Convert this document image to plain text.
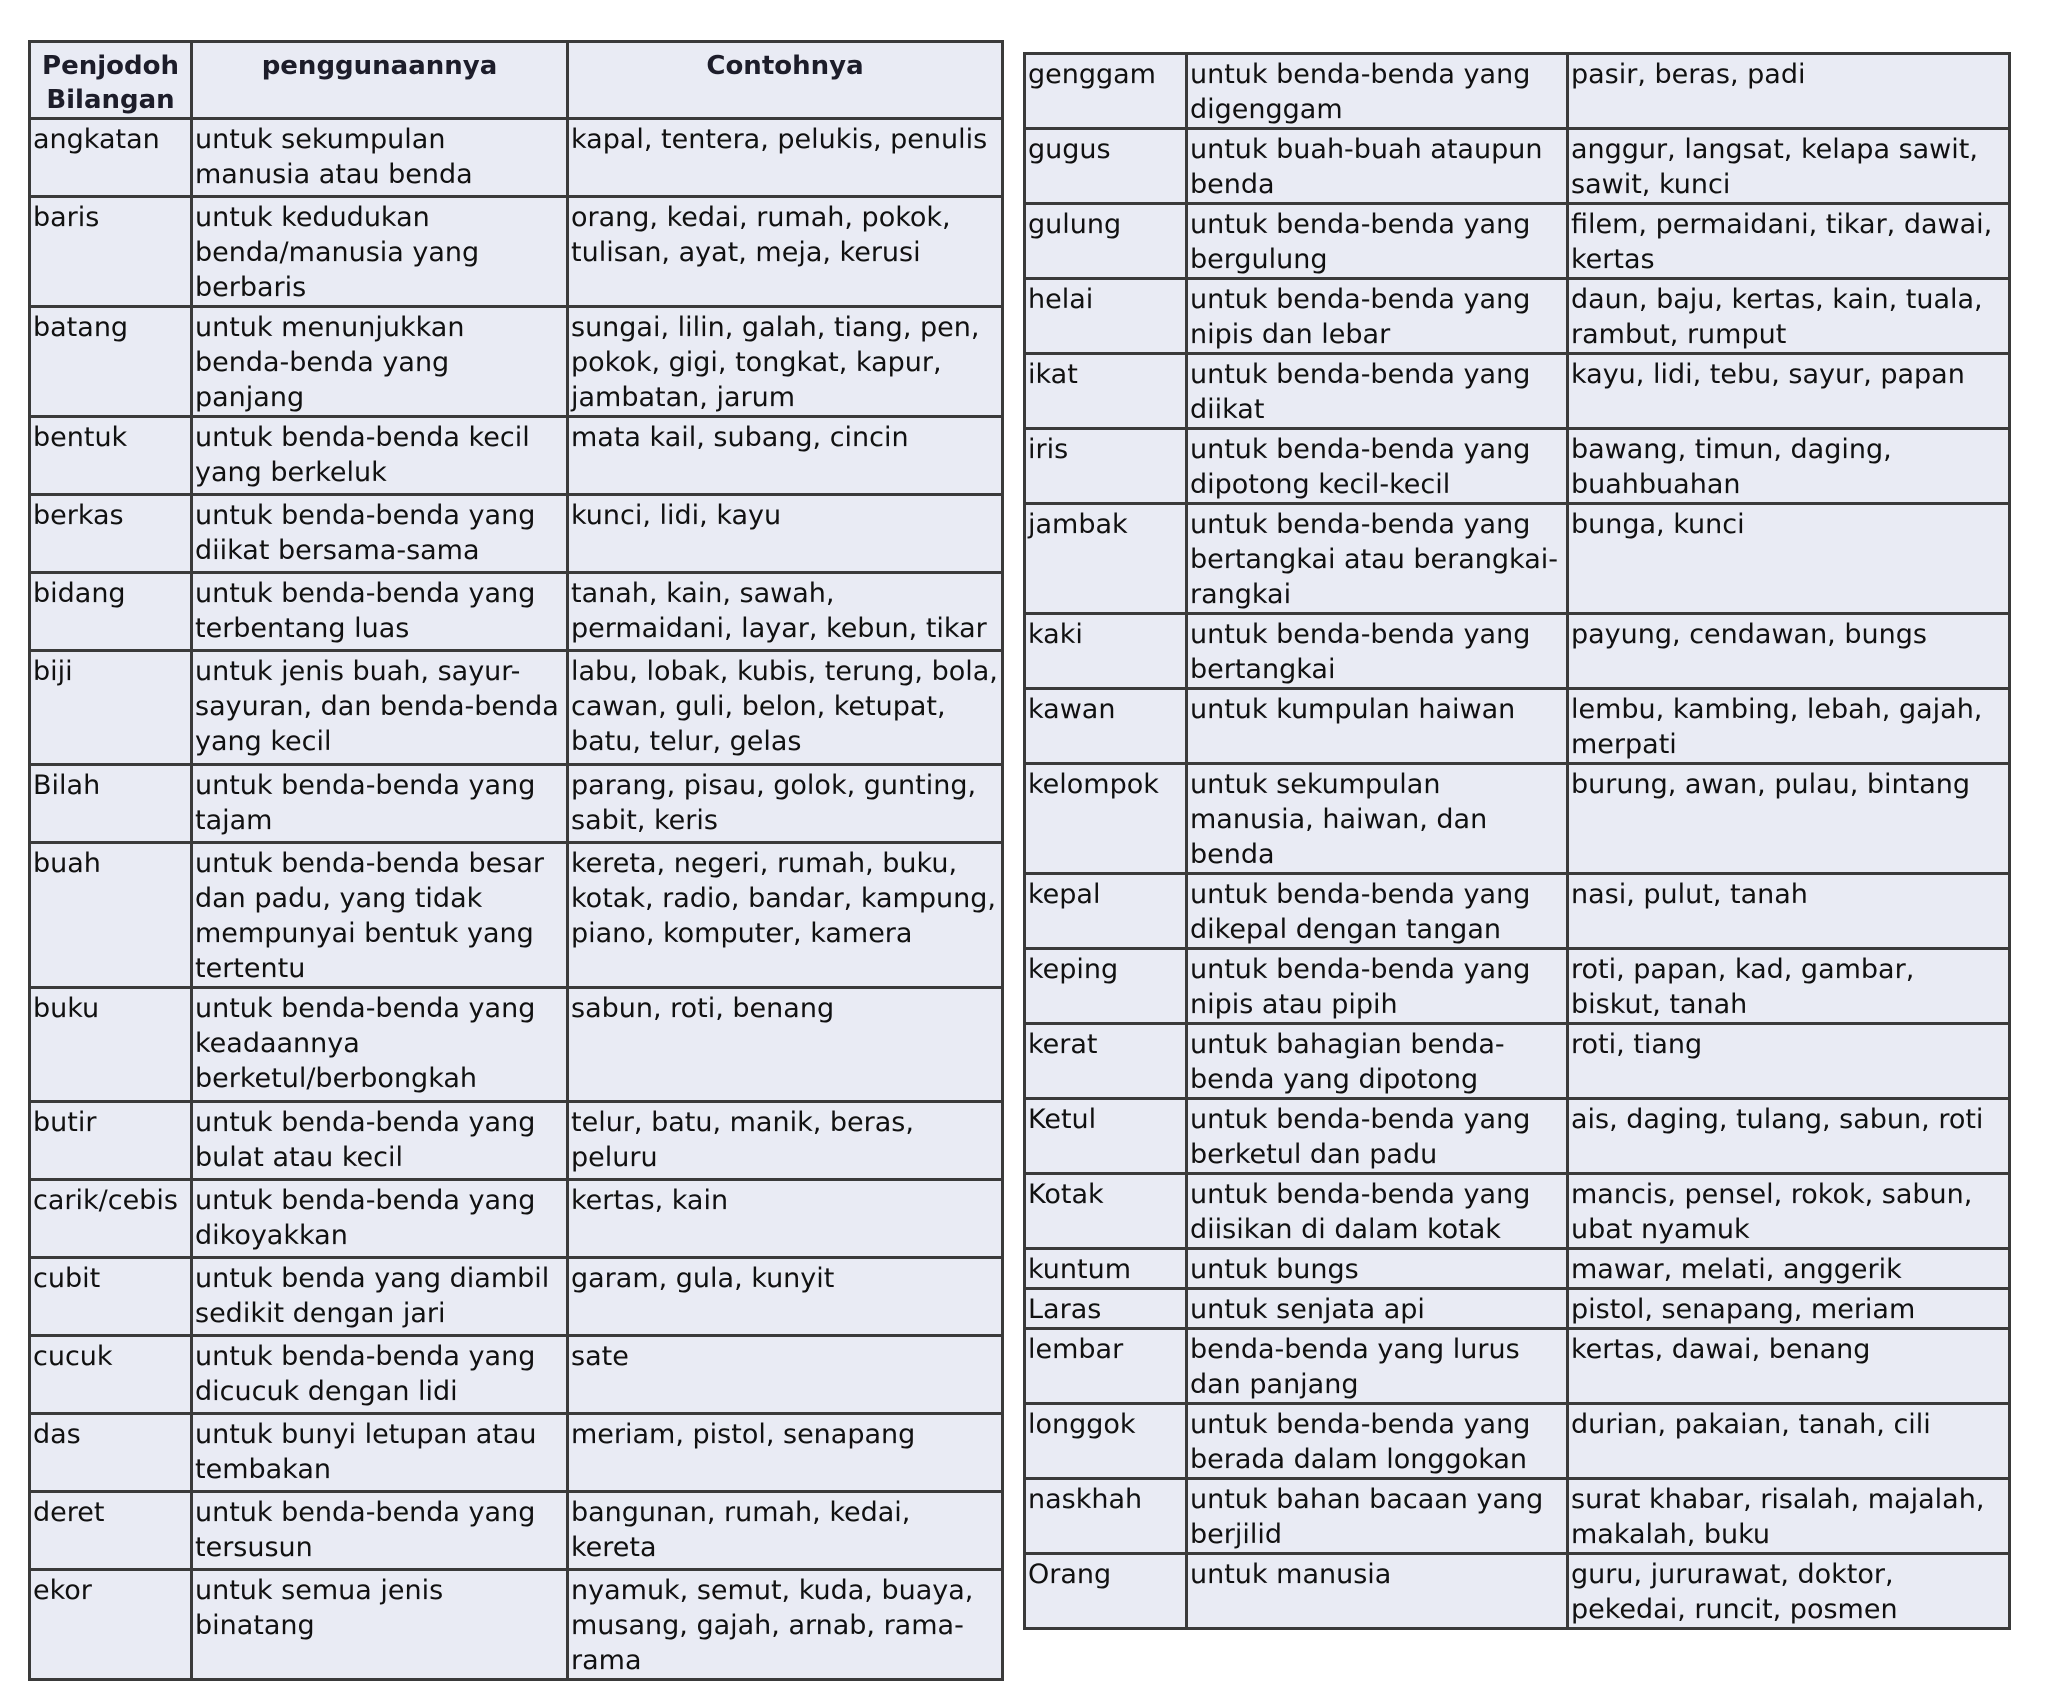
Penjodoh Bilangan	penggunaannya	Contohnya
angkatan	untuk sekumpulan manusia atau benda	kapal, tentera, pelukis, penulis
baris	untuk kedudukan benda/manusia yang berbaris	orang, kedai, rumah, pokok, tulisan, ayat, meja, kerusi
batang	untuk menunjukkan benda-benda yang panjang	sungai, lilin, galah, tiang, pen, pokok, gigi, tongkat, kapur, jambatan, jarum
bentuk	untuk benda-benda kecil yang berkeluk	mata kail, subang, cincin
berkas	untuk benda-benda yang diikat bersama-sama	kunci, lidi, kayu
bidang	untuk benda-benda yang terbentang luas	tanah, kain, sawah, permaidani, layar, kebun, tikar
biji	untuk jenis buah, sayur-sayuran, dan benda-benda yang kecil	labu, lobak, kubis, terung, bola, cawan, guli, belon, ketupat, batu, telur, gelas
Bilah	untuk benda-benda yang tajam	parang, pisau, golok, gunting, sabit, keris
buah	untuk benda-benda besar dan padu, yang tidak mempunyai bentuk yang tertentu	kereta, negeri, rumah, buku, kotak, radio, bandar, kampung, piano, komputer, kamera
buku	untuk benda-benda yang keadaannya berketul/berbongkah	sabun, roti, benang
butir	untuk benda-benda yang bulat atau kecil	telur, batu, manik, beras, peluru
carik/cebis	untuk benda-benda yang dikoyakkan	kertas, kain
cubit	untuk benda yang diambil sedikit dengan jari	garam, gula, kunyit
cucuk	untuk benda-benda yang dicucuk dengan lidi	sate
das	untuk bunyi letupan atau tembakan	meriam, pistol, senapang
deret	untuk benda-benda yang tersusun	bangunan, rumah, kedai, kereta
ekor	untuk semua jenis binatang	nyamuk, semut, kuda, buaya, musang, gajah, arnab, rama-rama
genggam	untuk benda-benda yang digenggam	pasir, beras, padi
gugus	untuk buah-buah ataupun benda	anggur, langsat, kelapa sawit, sawit, kunci
gulung	untuk benda-benda yang bergulung	filem, permaidani, tikar, dawai, kertas
helai	untuk benda-benda yang nipis dan lebar	daun, baju, kertas, kain, tuala, rambut, rumput
ikat	untuk benda-benda yang diikat	kayu, lidi, tebu, sayur, papan
iris	untuk benda-benda yang dipotong kecil-kecil	bawang, timun, daging, buahbuahan
jambak	untuk benda-benda yang bertangkai atau berangkai-rangkai	bunga, kunci
kaki	untuk benda-benda yang bertangkai	payung, cendawan, bungs
kawan	untuk kumpulan haiwan	lembu, kambing, lebah, gajah, merpati
kelompok	untuk sekumpulan manusia, haiwan, dan benda	burung, awan, pulau, bintang
kepal	untuk benda-benda yang dikepal dengan tangan	nasi, pulut, tanah
keping	untuk benda-benda yang nipis atau pipih	roti, papan, kad, gambar, biskut, tanah
kerat	untuk bahagian benda-benda yang dipotong	roti, tiang
Ketul	untuk benda-benda yang berketul dan padu	ais, daging, tulang, sabun, roti
Kotak	untuk benda-benda yang diisikan di dalam kotak	mancis, pensel, rokok, sabun, ubat nyamuk
kuntum	untuk bungs	mawar, melati, anggerik
Laras	untuk senjata api	pistol, senapang, meriam
lembar	benda-benda yang lurus dan panjang	kertas, dawai, benang
longgok	untuk benda-benda yang berada dalam longgokan	durian, pakaian, tanah, cili
naskhah	untuk bahan bacaan yang berjilid	surat khabar, risalah, majalah, makalah, buku
Orang	untuk manusia	guru, jururawat, doktor, pekedai, runcit, posmen
